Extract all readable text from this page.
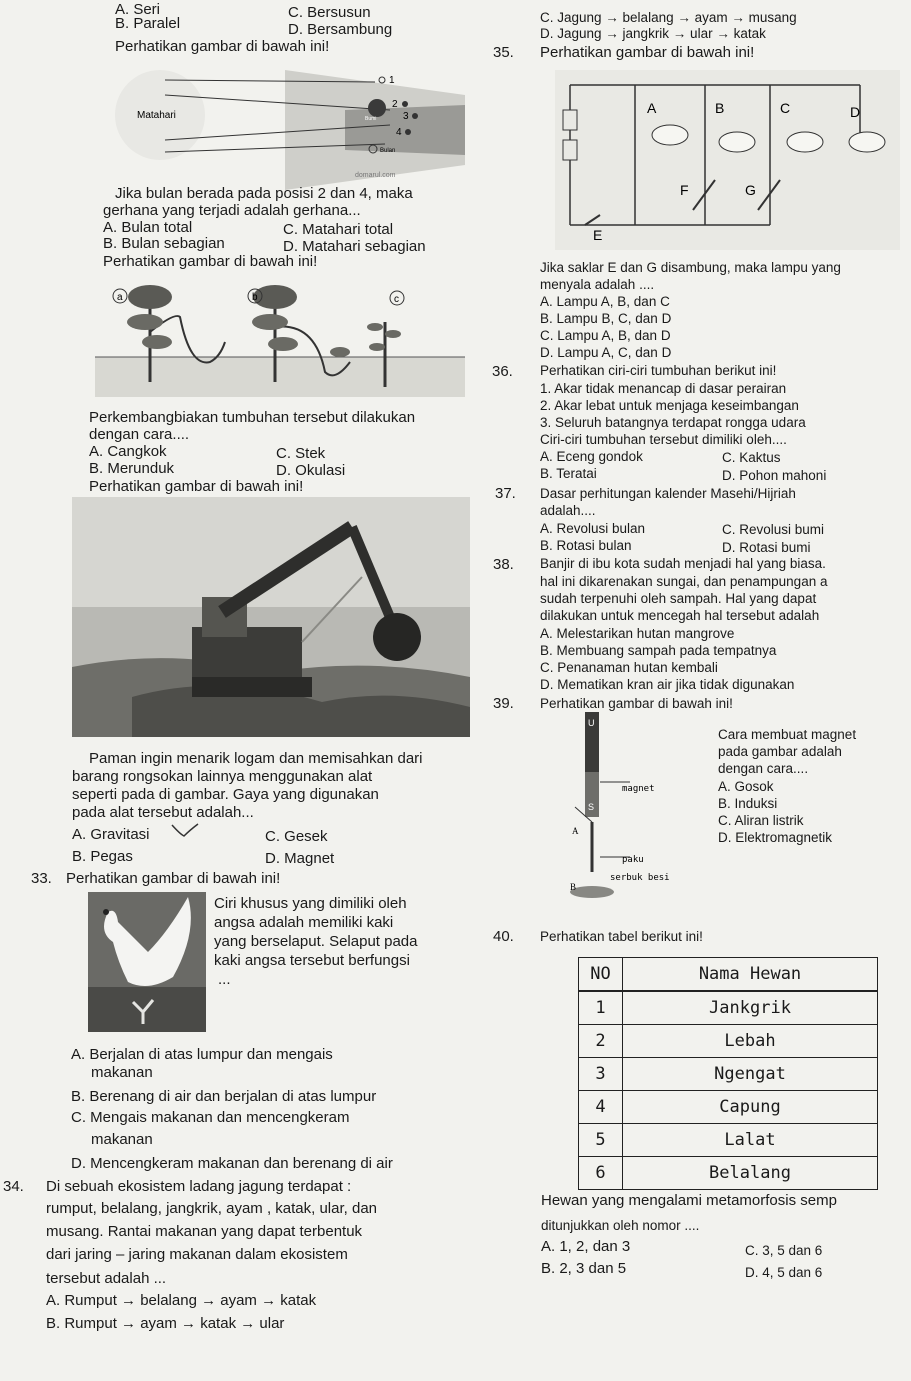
A. Seri
B. Paralel
C. Bersusun
D. Bersambung
C. Jagung → belalang → ayam → musang
D. Jagung → jangkrik → ular → katak
Perhatikan gambar di bawah ini!
Matahari	Bumi
Bulan
1
2
3
4
domarul.com
Jika bulan berada pada posisi 2 dan 4, maka
gerhana yang terjadi adalah gerhana...
A. Bulan total	C. Matahari total
B. Bulan sebagian	D. Matahari sebagian
Perhatikan gambar di bawah ini!
a	b	c
Perkembangbiakan tumbuhan tersebut dilakukan
dengan cara....
A. Cangkok	C. Stek
B. Merunduk	D. Okulasi
Perhatikan gambar di bawah ini!
Paman ingin menarik logam dan memisahkan dari
barang rongsokan lainnya menggunakan alat
seperti pada di gambar. Gaya yang digunakan
pada alat tersebut adalah...
A. Gravitasi	C. Gesek
B. Pegas	D. Magnet
33. Perhatikan gambar di bawah ini!
Ciri khusus yang dimiliki oleh
angsa adalah memiliki kaki
yang berselaput. Selaput pada
kaki angsa tersebut berfungsi
...
A. Berjalan di atas lumpur dan mengais
makanan
B. Berenang di air dan berjalan di atas lumpur
C. Mengais makanan dan mencengkeram
makanan
D. Mencengkeram makanan dan berenang di air
34. Di sebuah ekosistem ladang jagung terdapat :
rumput, belalang, jangkrik, ayam , katak, ular, dan
musang. Rantai makanan yang dapat terbentuk
dari jaring – jaring makanan dalam ekosistem
tersebut adalah ...
A. Rumput → belalang → ayam → katak
B. Rumput → ayam → katak → ular
35. Perhatikan gambar di bawah ini!
A	B	C	D
F	G
E
Jika saklar E dan G disambung, maka lampu yang
menyala adalah ....
A. Lampu A, B, dan C
B. Lampu B, C, dan D
C. Lampu A, B, dan D
D. Lampu A, C, dan D
36. Perhatikan ciri-ciri tumbuhan berikut ini!
1. Akar tidak menancap di dasar perairan
2. Akar lebat untuk menjaga keseimbangan
3. Seluruh batangnya terdapat rongga udara
Ciri-ciri tumbuhan tersebut dimiliki oleh....
A. Eceng gondok	C. Kaktus
B. Teratai	D. Pohon mahoni
37. Dasar perhitungan kalender Masehi/Hijriah
adalah....
A. Revolusi bulan	C. Revolusi bumi
B. Rotasi bulan	D. Rotasi bumi
38. Banjir di ibu kota sudah menjadi hal yang biasa.
hal ini dikarenakan sungai, dan penampungan a
sudah terpenuhi oleh sampah. Hal yang dapat
dilakukan untuk mencegah hal tersebut adalah
A. Melestarikan hutan mangrove
B. Membuang sampah pada tempatnya
C. Penanaman hutan kembali
D. Mematikan kran air jika tidak digunakan
39. Perhatikan gambar di bawah ini!
U
S
A
B
magnet
paku
serbuk besi
Cara membuat magnet
pada gambar adalah
dengan cara....
A. Gosok
B. Induksi
C. Aliran listrik
D. Elektromagnetik
40. Perhatikan tabel berikut ini!
NO	Nama Hewan
1	Jankgrik
2	Lebah
3	Ngengat
4	Capung
5	Lalat
6	Belalang
Hewan yang mengalami metamorfosis semp
ditunjukkan oleh nomor ....
A. 1, 2, dan 3	C. 3, 5 dan 6
B. 2, 3 dan 5	D. 4, 5 dan 6
